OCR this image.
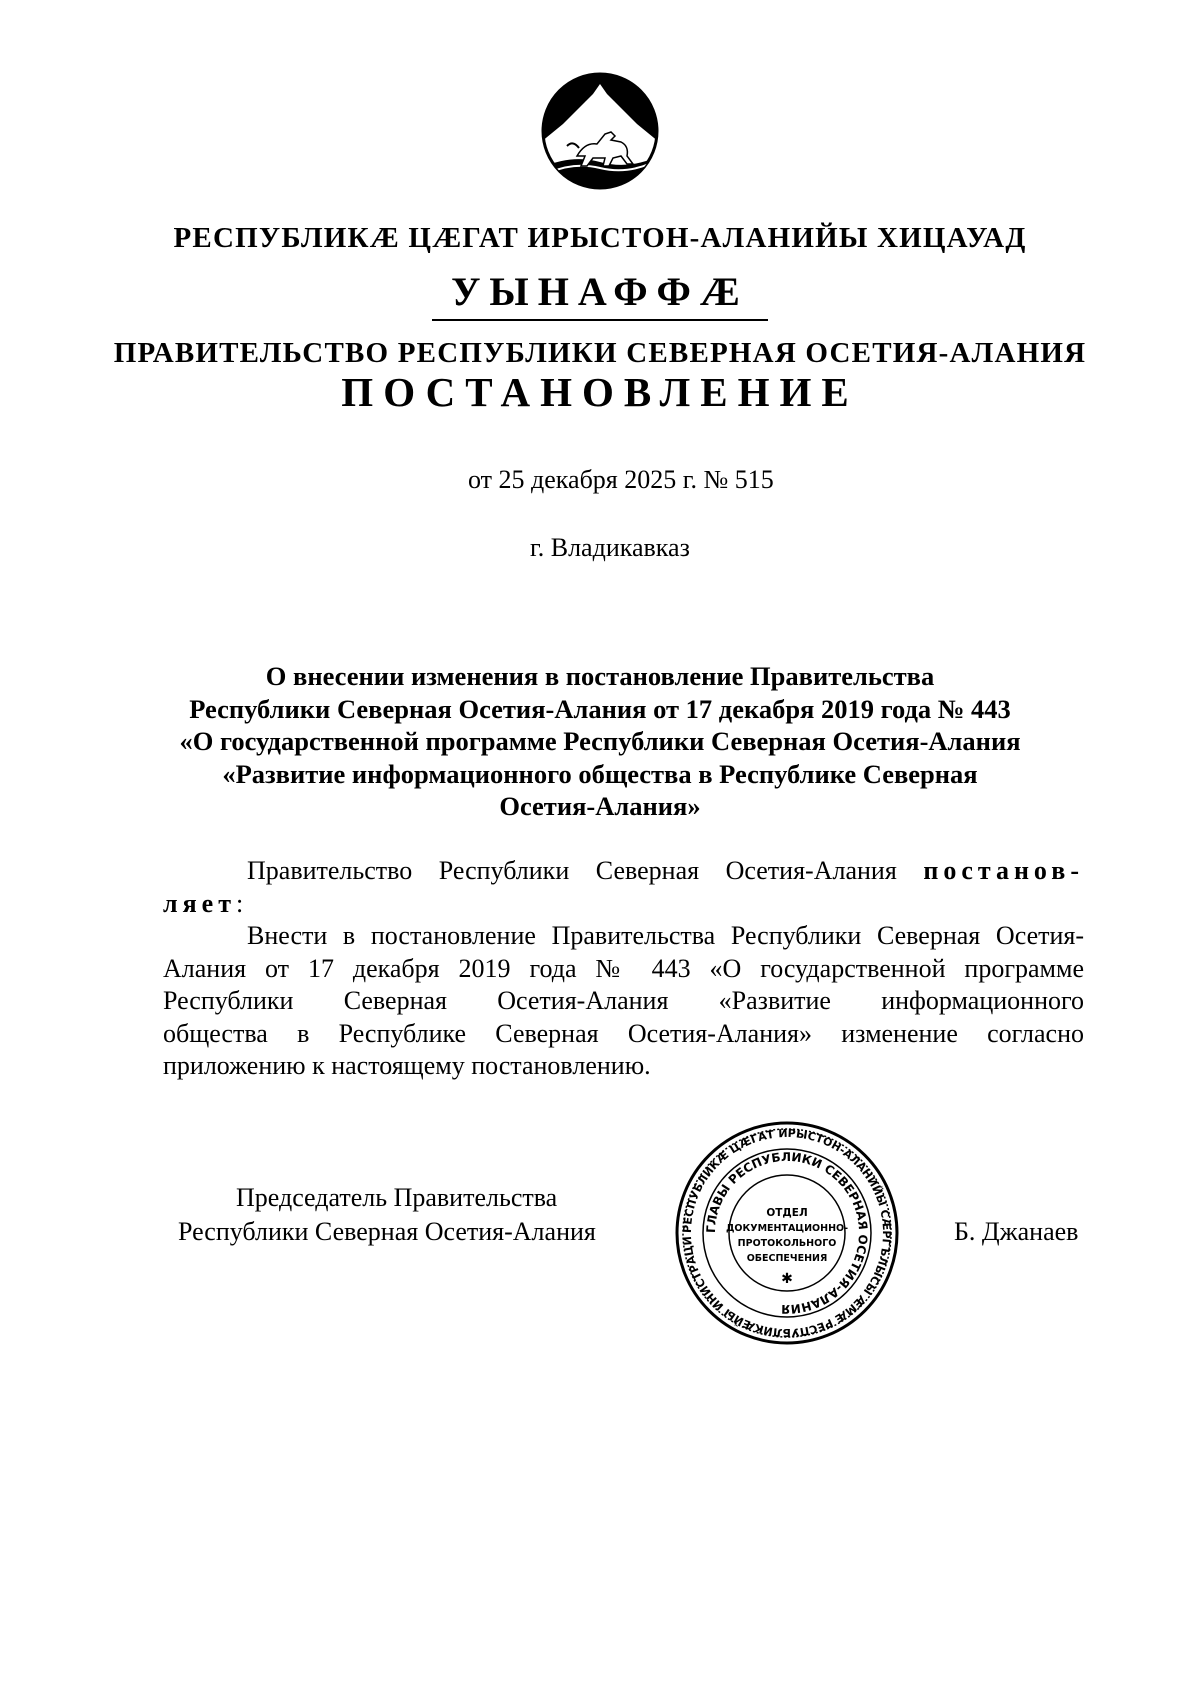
РЕСПУБЛИКӔ ЦӔГАТ ИРЫСТОН-АЛАНИЙЫ ХИЦАУАД
УЫНАФФӔ
ПРАВИТЕЛЬСТВО РЕСПУБЛИКИ СЕВЕРНАЯ ОСЕТИЯ-АЛАНИЯ
ПОСТАНОВЛЕНИЕ
от 25 декабря 2025 г. № 515
г. Владикавказ
О внесении изменения в постановление Правительства
Республики Северная Осетия-Алания от 17 декабря 2019 года № 443
«О государственной программе Республики Северная Осетия-Алания
«Развитие информационного общества в Республике Северная
Осетия-Алания»
Правительство Республики Северная Осетия-Алания постанов-
ляет:
Внести в постановление Правительства Республики Северная Осетия-
Алания от 17 декабря 2019 года № 443 «О государственной программе
Республики Северная Осетия-Алания «Развитие информационного
общества в Республике Северная Осетия-Алания» изменение согласно
приложению к настоящему постановлению.
Председатель Правительства
Республики Северная Осетия-Алания	Б. Джанаев
РЕСПУБЛИКӔ ЦӔГАТ ИРЫСТОН-АЛАНИЙЫ СӔРГЪЛЫСЫ ӔМӔ РЕСПУБЛИКӔЙЫ ИНИСТРАЦИ
ГЛАВЫ РЕСПУБЛИКИ СЕВЕРНАЯ ОСЕТИЯ-АЛАНИЯ
ОТДЕЛ
ДОКУМЕНТАЦИОННО-
ПРОТОКОЛЬНОГО
ОБЕСПЕЧЕНИЯ
✱
